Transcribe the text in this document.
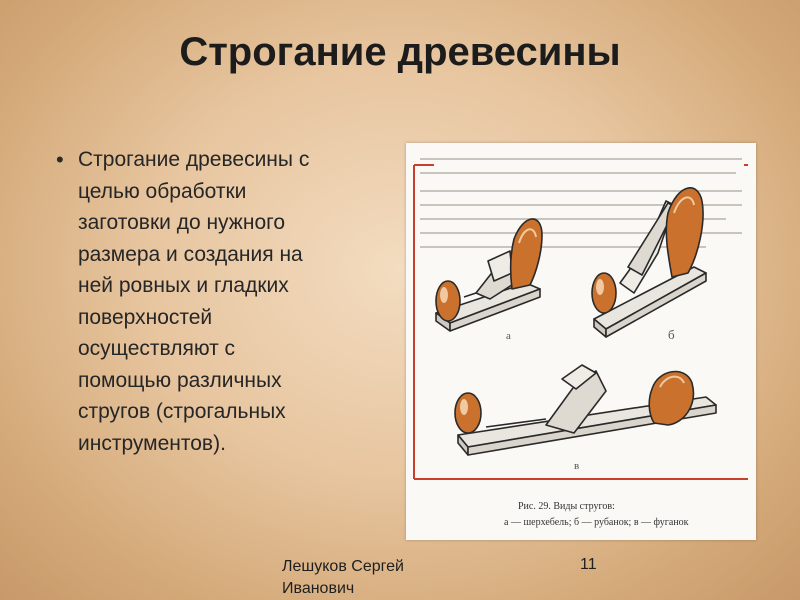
Строгание древесины
• Строгание древесины с
целью обработки
заготовки до нужного
размера и создания на
ней ровных и гладких
поверхностей
осуществляют с
помощью различных
стругов (строгальных
инструментов).
а	б
в
Рис. 29. Виды стругов:
а — шерхебель; б — рубанок; в — фуганок
Лешуков Сергей Иванович
11
